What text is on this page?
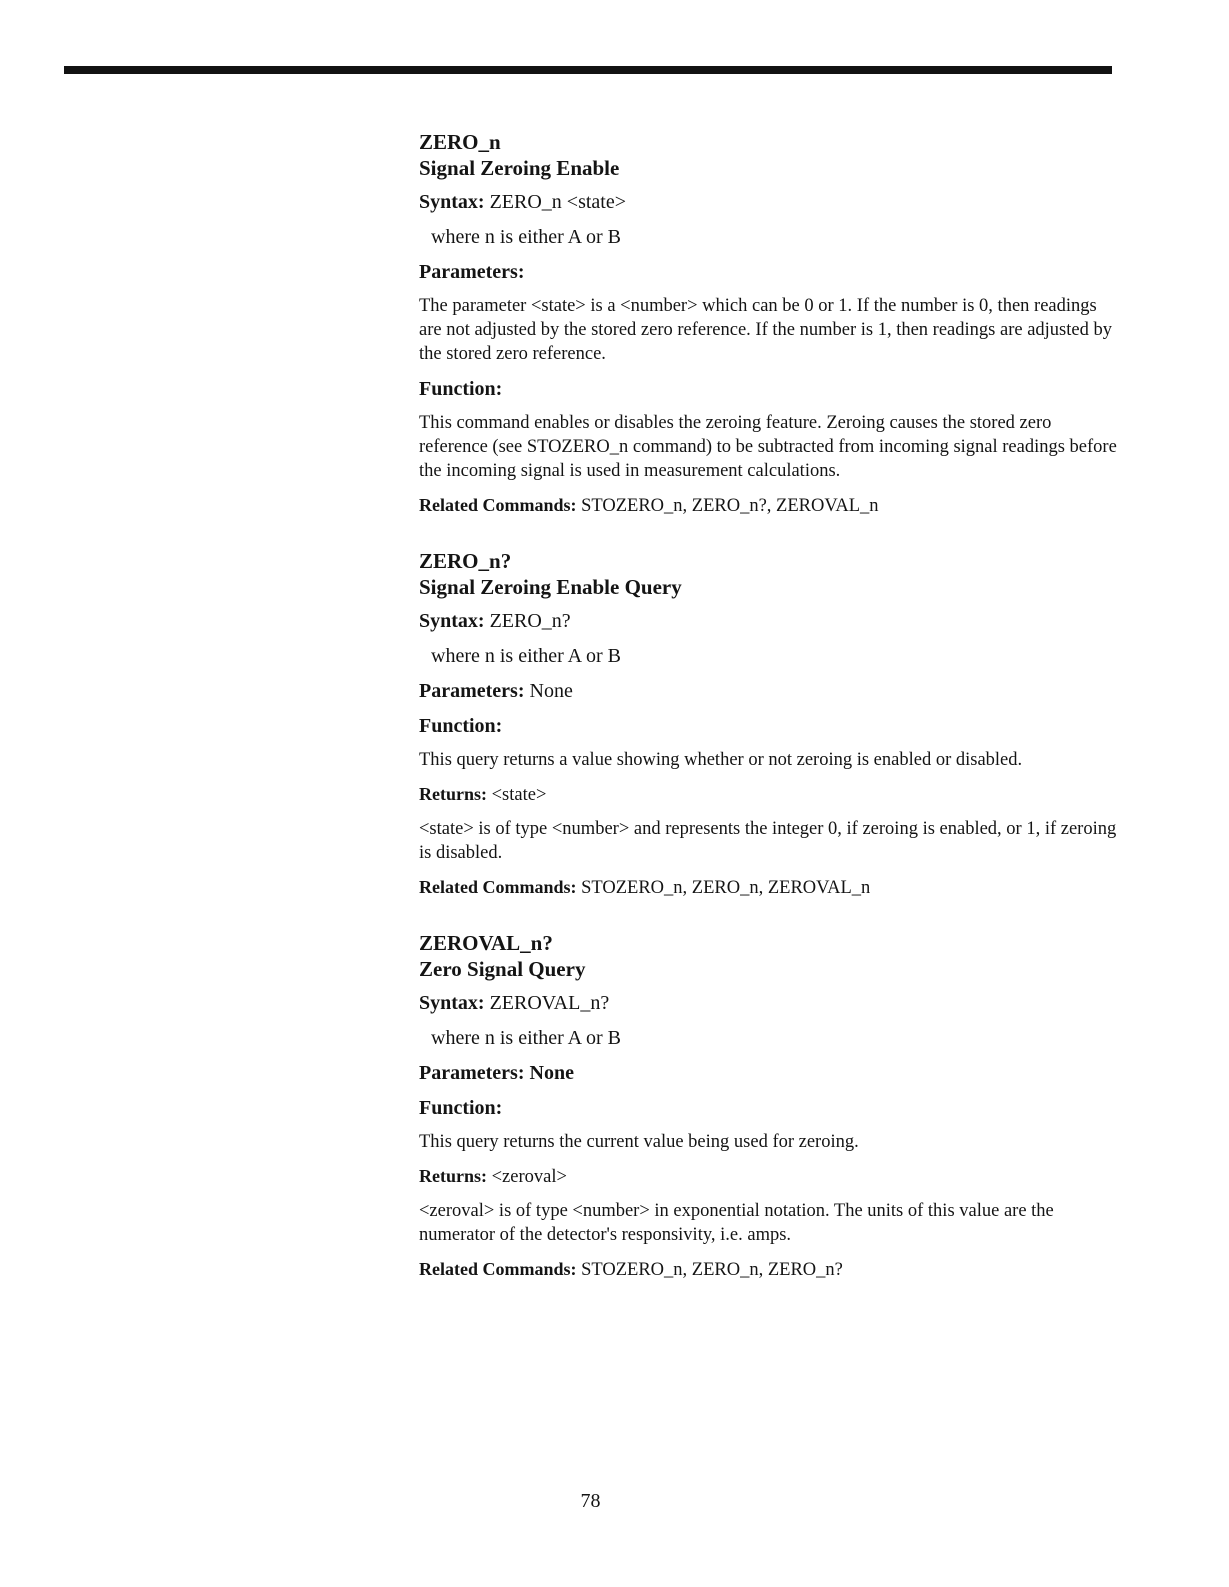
ZERO_n

Signal Zeroing Enable

Syntax: ZERO_n <state>

where n is either A or B

Parameters:

The parameter <state> is a <number> which can be 0 or 1. If the number is 0, then readings are not adjusted by the stored zero reference. If the number is 1, then readings are adjusted by the stored zero reference.

Function:

This command enables or disables the zeroing feature. Zeroing causes the stored zero reference (see STOZERO_n command) to be subtracted from incoming signal readings before the incoming signal is used in measurement calculations.

Related Commands: STOZERO_n, ZERO_n?, ZEROVAL_n

ZERO_n?

Signal Zeroing Enable Query

Syntax: ZERO_n?

where n is either A or B

Parameters: None

Function:

This query returns a value showing whether or not zeroing is enabled or disabled.

Returns: <state>

<state> is of type <number> and represents the integer 0, if zeroing is enabled, or 1, if zeroing is disabled.

Related Commands: STOZERO_n, ZERO_n, ZEROVAL_n

ZEROVAL_n?

Zero Signal Query

Syntax: ZEROVAL_n?

where n is either A or B

Parameters: None

Function:

This query returns the current value being used for zeroing.

Returns: <zeroval>

<zeroval> is of type <number> in exponential notation. The units of this value are the numerator of the detector's responsivity, i.e. amps.

Related Commands: STOZERO_n, ZERO_n, ZERO_n?

78
